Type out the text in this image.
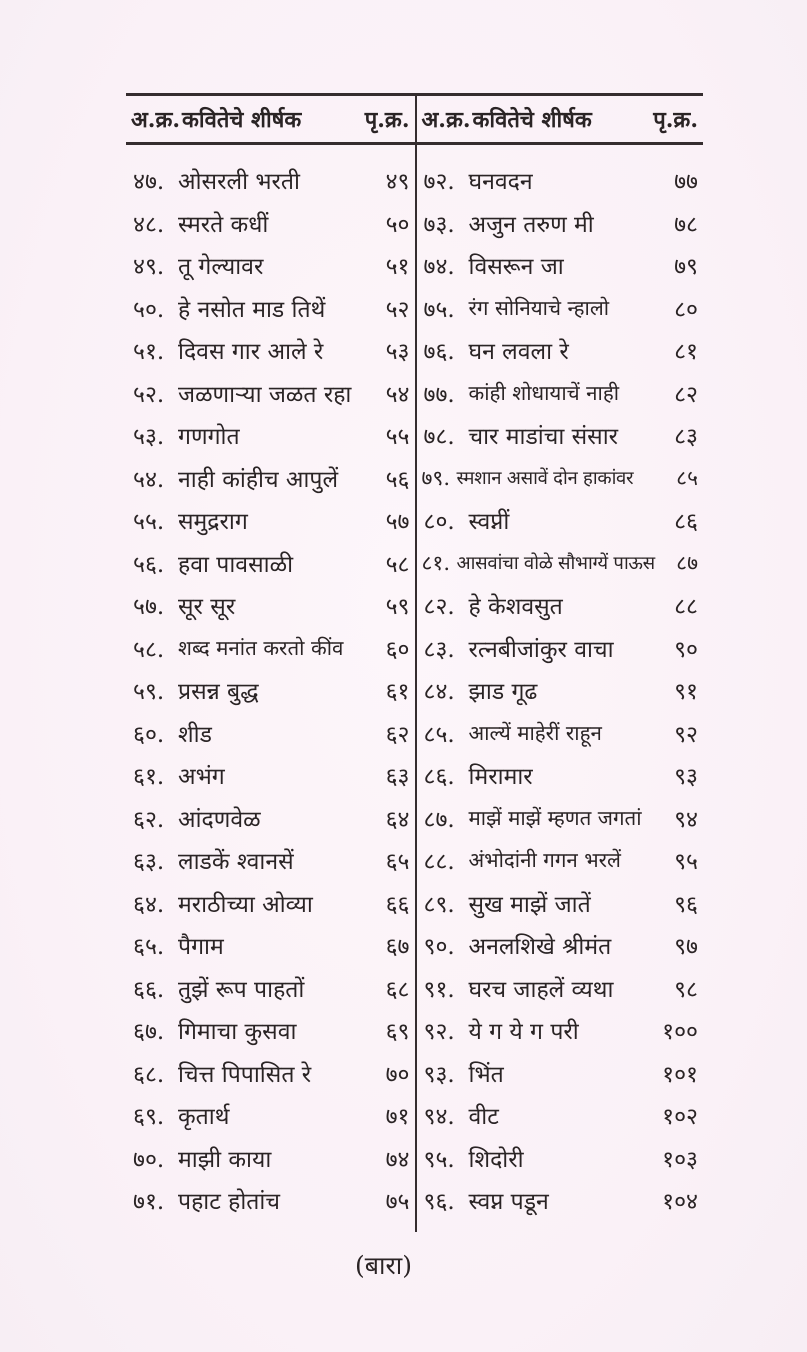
अ.क्र. कवितेचे शीर्षक	पृ.क्र.
४७. ओसरली भरती	४९
४८. स्मरते कधीं	५०
४९. तू गेल्यावर	५१
५०. हे नसोत माड तिथें	५२
५१. दिवस गार आले रे	५३
५२. जळणाऱ्या जळत रहा	५४
५३. गणगोत	५५
५४. नाही कांहीच आपुलें	५६
५५. समुद्रराग	५७
५६. हवा पावसाळी	५८
५७. सूर सूर	५९
५८. शब्द मनांत करतो कींव	६०
५९. प्रसन्न बुद्ध	६१
६०. शीड	६२
६१. अभंग	६३
६२. आंदणवेळ	६४
६३. लाडकें श्वानसें	६५
६४. मराठीच्या ओव्या	६६
६५. पैगाम	६७
६६. तुझें रूप पाहतों	६८
६७. गिमाचा कुसवा	६९
६८. चित्त पिपासित रे	७०
६९. कृतार्थ	७१
७०. माझी काया	७४
७१. पहाट होतांच	७५
अ.क्र. कवितेचे शीर्षक	पृ.क्र.
७२. घनवदन	७७
७३. अजुन तरुण मी	७८
७४. विसरून जा	७९
७५. रंग सोनियाचे न्हालो	८०
७६. घन लवला रे	८१
७७. कांही शोधायाचें नाही	८२
७८. चार माडांचा संसार	८३
७९. स्मशान असावें दोन हाकांवर	८५
८०. स्वप्नीं	८६
८१. आसवांचा वोळे सौभाग्यें पाऊस	८७
८२. हे केशवसुत	८८
८३. रत्नबीजांकुर वाचा	९०
८४. झाड गूढ	९१
८५. आल्यें माहेरीं राहून	९२
८६. मिरामार	९३
८७. माझें माझें म्हणत जगतां	९४
८८. अंभोदांनी गगन भरलें	९५
८९. सुख माझें जातें	९६
९०. अनलशिखे श्रीमंत	९७
९१. घरच जाहलें व्यथा	९८
९२. ये ग ये ग परी	१००
९३. भिंत	१०१
९४. वीट	१०२
९५. शिदोरी	१०३
९६. स्वप्न पडून	१०४
(बारा)
